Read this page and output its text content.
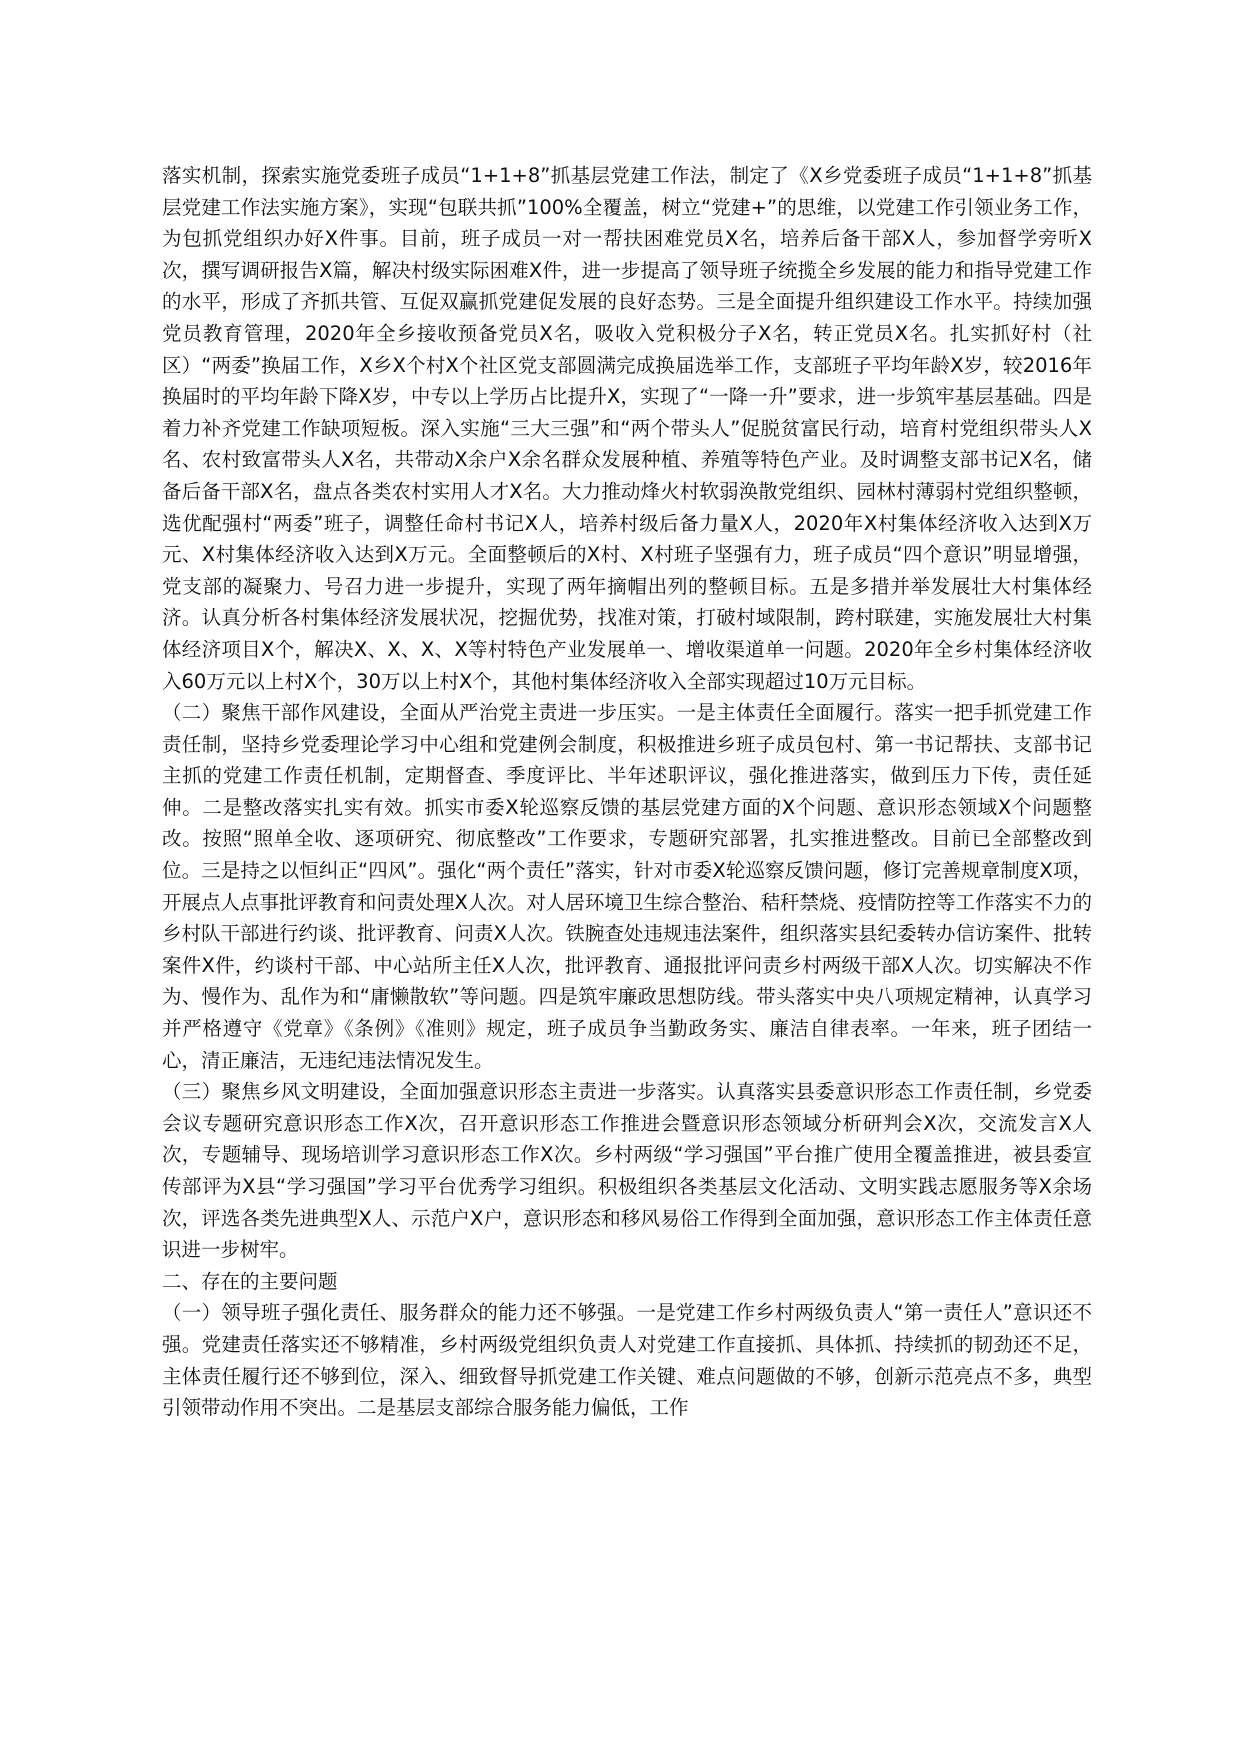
落实机制，探索实施党委班子成员“1+1+8”抓基层党建工作法，制定了《X乡党委班子成员“1+1+8”抓基层党建工作法实施方案》，实现“包联共抓”100%全覆盖，树立“党建+”的思维，以党建工作引领业务工作，为包抓党组织办好X件事。目前，班子成员一对一帮扶困难党员X名，培养后备干部X人，参加督学旁听X次，撰写调研报告X篇，解决村级实际困难X件，进一步提高了领导班子统揽全乡发展的能力和指导党建工作的水平，形成了齐抓共管、互促双赢抓党建促发展的良好态势。三是全面提升组织建设工作水平。持续加强党员教育管理，2020年全乡接收预备党员X名，吸收入党积极分子X名，转正党员X名。扎实抓好村（社区）“两委”换届工作，X乡X个村X个社区党支部圆满完成换届选举工作，支部班子平均年龄X岁，较2016年换届时的平均年龄下降X岁，中专以上学历占比提升X，实现了“一降一升”要求，进一步筑牢基层基础。四是着力补齐党建工作缺项短板。深入实施“三大三强”和“两个带头人”促脱贫富民行动，培育村党组织带头人X名、农村致富带头人X名，共带动X余户X余名群众发展种植、养殖等特色产业。及时调整支部书记X名，储备后备干部X名，盘点各类农村实用人才X名。大力推动烽火村软弱涣散党组织、园林村薄弱村党组织整顿，选优配强村“两委”班子，调整任命村书记X人，培养村级后备力量X人，2020年X村集体经济收入达到X万元、X村集体经济收入达到X万元。全面整顿后的X村、X村班子坚强有力，班子成员“四个意识”明显增强，党支部的凝聚力、号召力进一步提升，实现了两年摘帽出列的整顿目标。五是多措并举发展壮大村集体经济。认真分析各村集体经济发展状况，挖掘优势，找准对策，打破村域限制，跨村联建，实施发展壮大村集体经济项目X个，解决X、X、X、X等村特色产业发展单一、增收渠道单一问题。2020年全乡村集体经济收入60万元以上村X个，30万以上村X个，其他村集体经济收入全部实现超过10万元目标。

（二）聚焦干部作风建设，全面从严治党主责进一步压实。一是主体责任全面履行。落实一把手抓党建工作责任制，坚持乡党委理论学习中心组和党建例会制度，积极推进乡班子成员包村、第一书记帮扶、支部书记主抓的党建工作责任机制，定期督查、季度评比、半年述职评议，强化推进落实，做到压力下传，责任延伸。二是整改落实扎实有效。抓实市委X轮巡察反馈的基层党建方面的X个问题、意识形态领域X个问题整改。按照“照单全收、逐项研究、彻底整改”工作要求，专题研究部署，扎实推进整改。目前已全部整改到位。三是持之以恒纠正“四风”。强化“两个责任”落实，针对市委X轮巡察反馈问题，修订完善规章制度X项，开展点人点事批评教育和问责处理X人次。对人居环境卫生综合整治、秸秆禁烧、疫情防控等工作落实不力的乡村队干部进行约谈、批评教育、问责X人次。铁腕查处违规违法案件，组织落实县纪委转办信访案件、批转案件X件，约谈村干部、中心站所主任X人次，批评教育、通报批评问责乡村两级干部X人次。切实解决不作为、慢作为、乱作为和“庸懒散软”等问题。四是筑牢廉政思想防线。带头落实中央八项规定精神，认真学习并严格遵守《党章》《条例》《准则》规定，班子成员争当勤政务实、廉洁自律表率。一年来，班子团结一心，清正廉洁，无违纪违法情况发生。

（三）聚焦乡风文明建设，全面加强意识形态主责进一步落实。认真落实县委意识形态工作责任制，乡党委会议专题研究意识形态工作X次，召开意识形态工作推进会暨意识形态领域分析研判会X次，交流发言X人次，专题辅导、现场培训学习意识形态工作X次。乡村两级“学习强国”平台推广使用全覆盖推进，被县委宣传部评为X县“学习强国”学习平台优秀学习组织。积极组织各类基层文化活动、文明实践志愿服务等X余场次，评选各类先进典型X人、示范户X户，意识形态和移风易俗工作得到全面加强，意识形态工作主体责任意识进一步树牢。

二、存在的主要问题

（一）领导班子强化责任、服务群众的能力还不够强。一是党建工作乡村两级负责人“第一责任人”意识还不强。党建责任落实还不够精准，乡村两级党组织负责人对党建工作直接抓、具体抓、持续抓的韧劲还不足，主体责任履行还不够到位，深入、细致督导抓党建工作关键、难点问题做的不够，创新示范亮点不多，典型引领带动作用不突出。二是基层支部综合服务能力偏低，工作
